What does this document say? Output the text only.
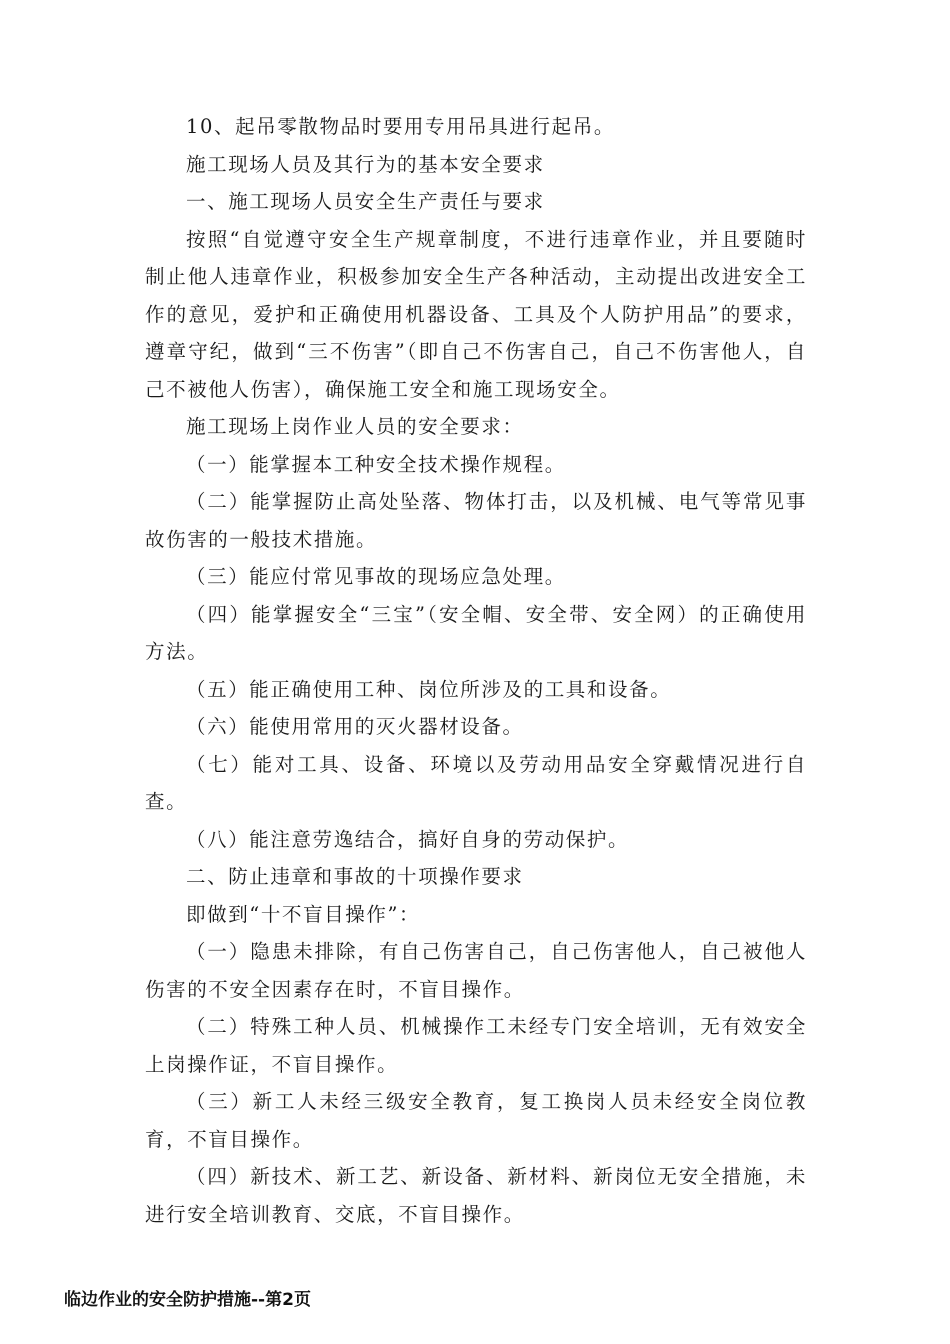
10、起吊零散物品时要用专用吊具进行起吊。

施工现场人员及其行为的基本安全要求

一、施工现场人员安全生产责任与要求

按照“自觉遵守安全生产规章制度，不进行违章作业，并且要随时制止他人违章作业，积极参加安全生产各种活动，主动提出改进安全工作的意见，爱护和正确使用机器设备、工具及个人防护用品”的要求，遵章守纪，做到“三不伤害”（即自己不伤害自己，自己不伤害他人，自己不被他人伤害），确保施工安全和施工现场安全。

施工现场上岗作业人员的安全要求：

（一）能掌握本工种安全技术操作规程。

（二）能掌握防止高处坠落、物体打击，以及机械、电气等常见事故伤害的一般技术措施。

（三）能应付常见事故的现场应急处理。

（四）能掌握安全“三宝”（安全帽、安全带、安全网）的正确使用方法。

（五）能正确使用工种、岗位所涉及的工具和设备。

（六）能使用常用的灭火器材设备。

（七）能对工具、设备、环境以及劳动用品安全穿戴情况进行自查。

（八）能注意劳逸结合，搞好自身的劳动保护。

二、防止违章和事故的十项操作要求

即做到“十不盲目操作”：

（一）隐患未排除，有自己伤害自己，自己伤害他人，自己被他人伤害的不安全因素存在时，不盲目操作。

（二）特殊工种人员、机械操作工未经专门安全培训，无有效安全上岗操作证，不盲目操作。

（三）新工人未经三级安全教育，复工换岗人员未经安全岗位教育，不盲目操作。

（四）新技术、新工艺、新设备、新材料、新岗位无安全措施，未进行安全培训教育、交底，不盲目操作。

临边作业的安全防护措施--第2页
